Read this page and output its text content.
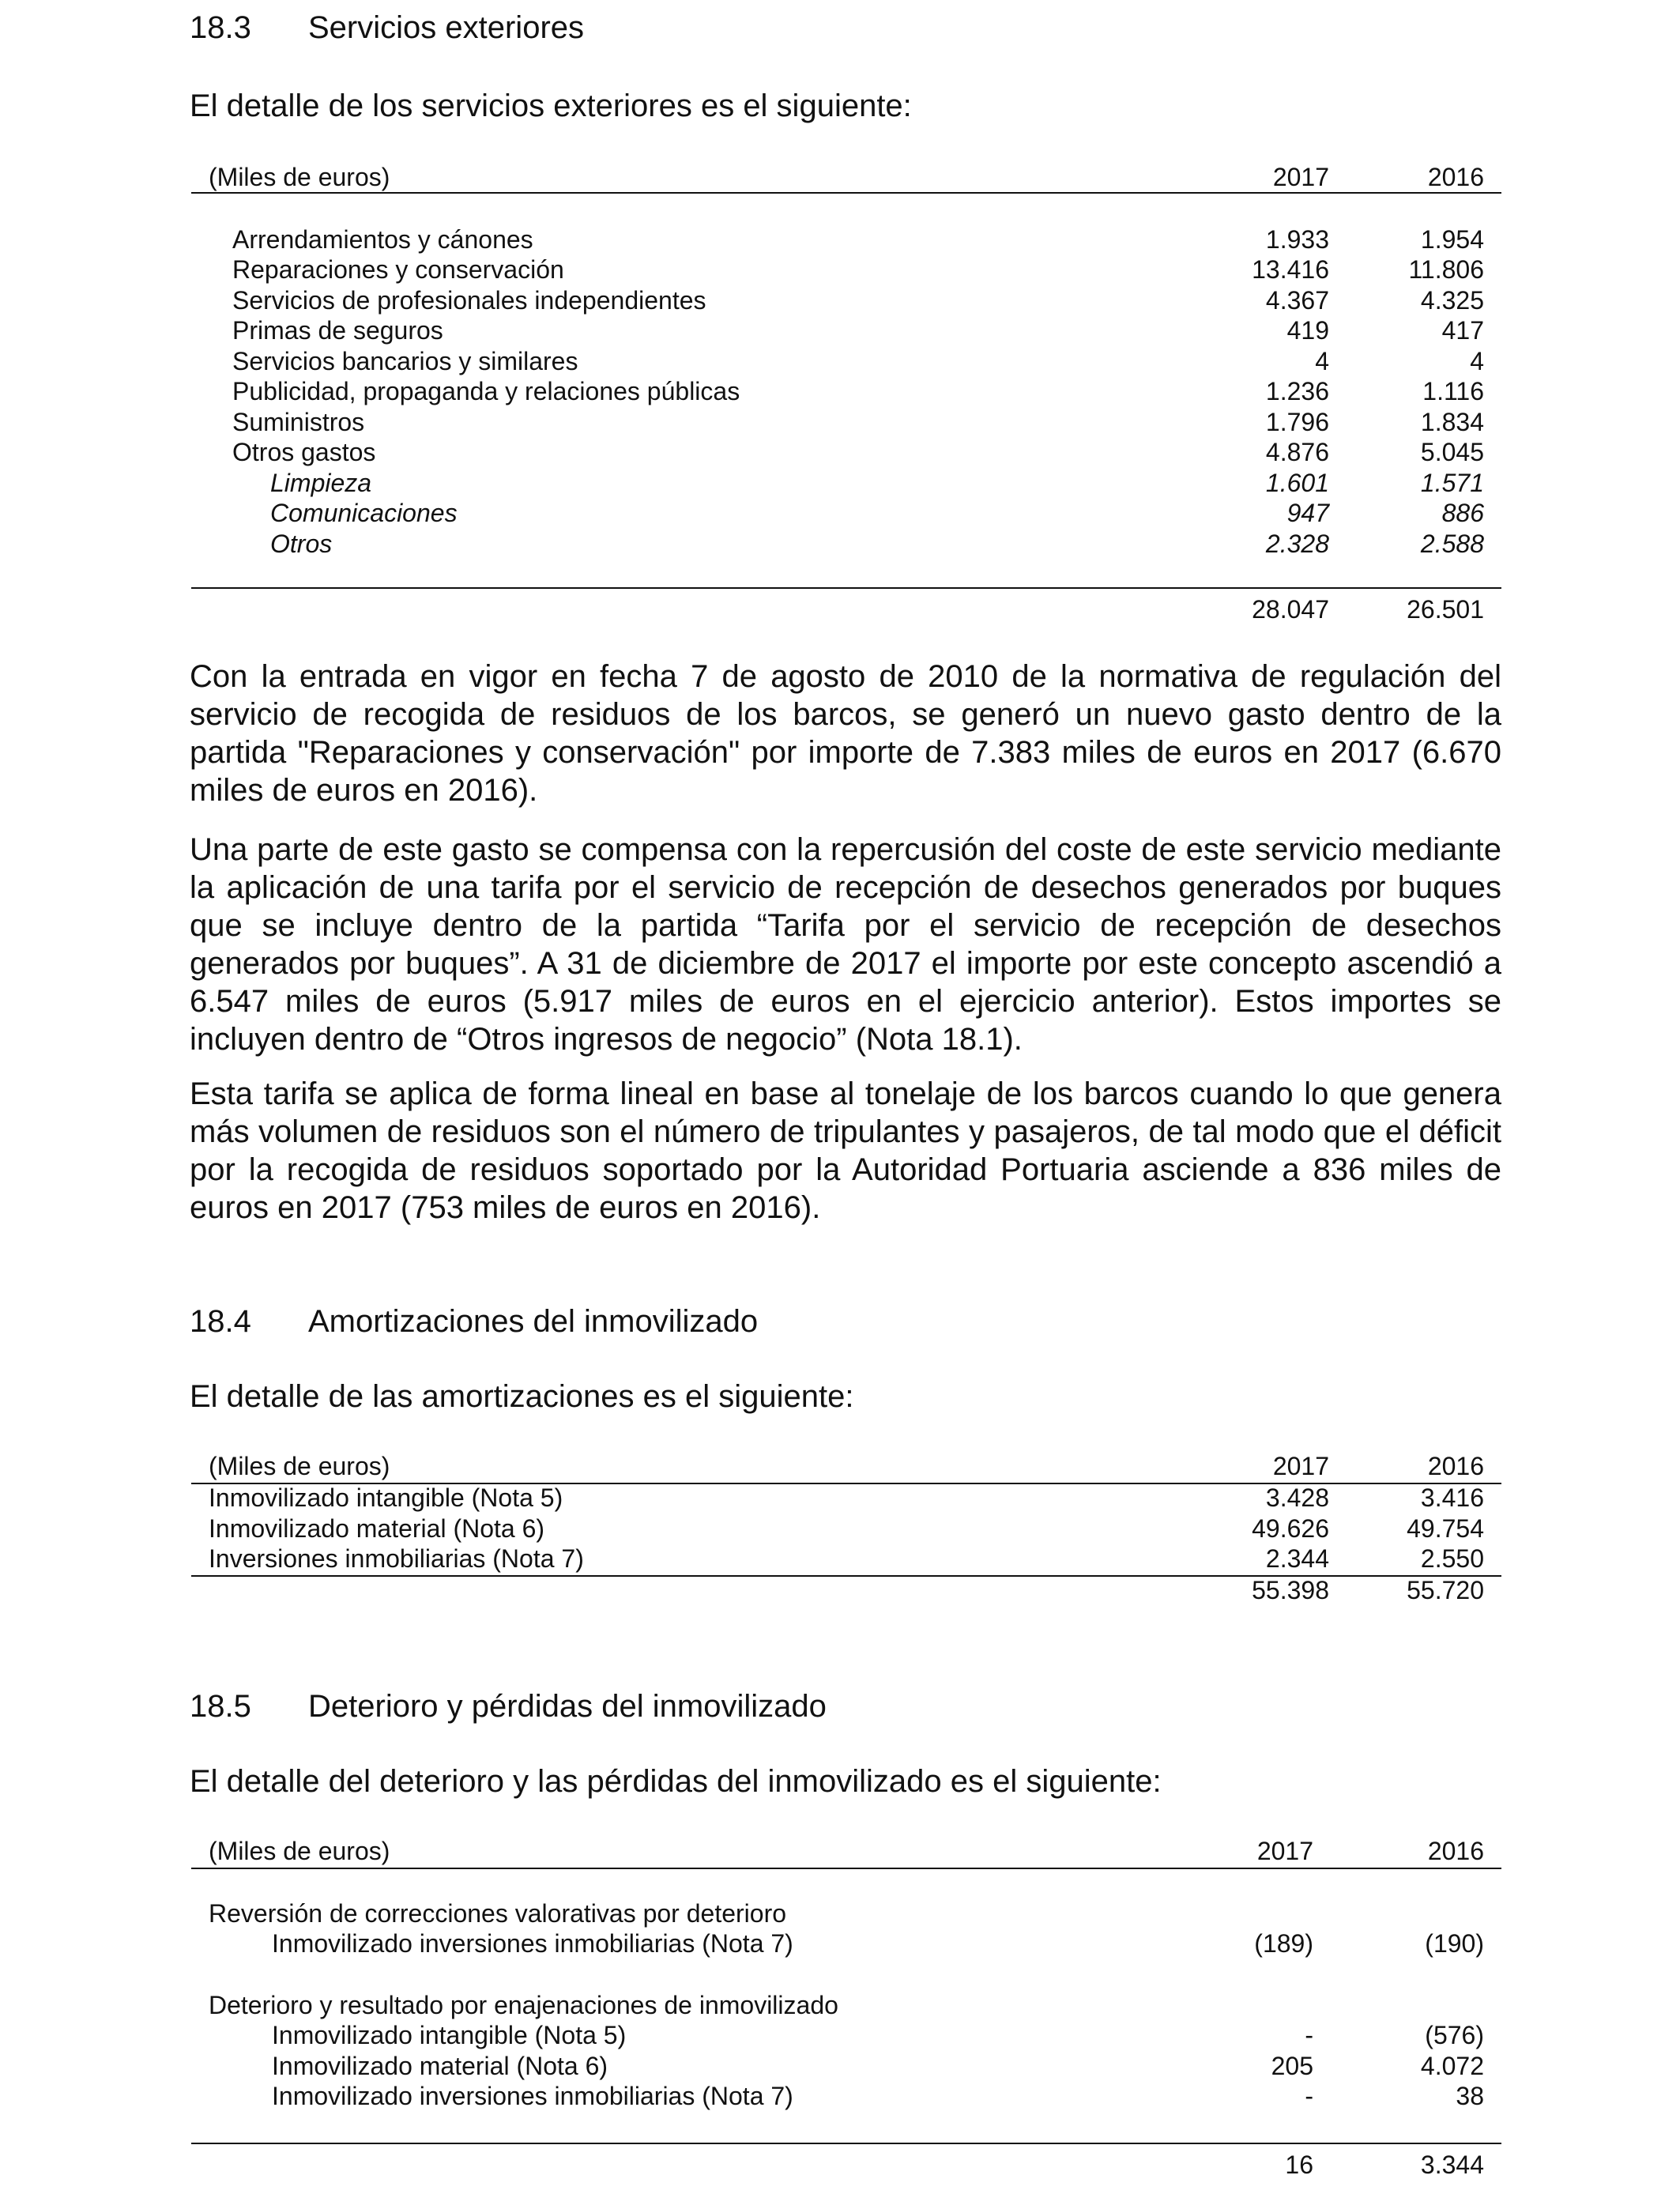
18.3 Servicios exteriores
El detalle de los servicios exteriores es el siguiente:
(Miles de euros)	2017	2016
Arrendamientos y cánones	1.933	1.954
Reparaciones y conservación	13.416	11.806
Servicios de profesionales independientes	4.367	4.325
Primas de seguros	419	417
Servicios bancarios y similares	4	4
Publicidad, propaganda y relaciones públicas	1.236	1.116
Suministros	1.796	1.834
Otros gastos	4.876	5.045
Limpieza	1.601	1.571
Comunicaciones	947	886
Otros	2.328	2.588
28.047	26.501

Con la entrada en vigor en fecha 7 de agosto de 2010 de la normativa de regulación del servicio de recogida de residuos de los barcos, se generó un nuevo gasto dentro de la partida "Reparaciones y conservación" por importe de 7.383 miles de euros en 2017 (6.670 miles de euros en 2016).

Una parte de este gasto se compensa con la repercusión del coste de este servicio mediante la aplicación de una tarifa por el servicio de recepción de desechos generados por buques que se incluye dentro de la partida “Tarifa por el servicio de recepción de desechos generados por buques”. A 31 de diciembre de 2017 el importe por este concepto ascendió a 6.547 miles de euros (5.917 miles de euros en el ejercicio anterior). Estos importes se incluyen dentro de “Otros ingresos de negocio” (Nota 18.1).

Esta tarifa se aplica de forma lineal en base al tonelaje de los barcos cuando lo que genera más volumen de residuos son el número de tripulantes y pasajeros, de tal modo que el déficit por la recogida de residuos soportado por la Autoridad Portuaria asciende a 836 miles de euros en 2017 (753 miles de euros en 2016).

18.4 Amortizaciones del inmovilizado
El detalle de las amortizaciones es el siguiente:
(Miles de euros)	2017	2016
Inmovilizado intangible (Nota 5)	3.428	3.416
Inmovilizado material (Nota 6)	49.626	49.754
Inversiones inmobiliarias (Nota 7)	2.344	2.550
55.398	55.720
18.5 Deterioro y pérdidas del inmovilizado
El detalle del deterioro y las pérdidas del inmovilizado es el siguiente:
(Miles de euros)	2017	2016
Reversión de correcciones valorativas por deterioro
Inmovilizado inversiones inmobiliarias (Nota 7)	(189)	(190)
Deterioro y resultado por enajenaciones de inmovilizado
Inmovilizado intangible (Nota 5)	-	(576)
Inmovilizado material (Nota 6)	205	4.072
Inmovilizado inversiones inmobiliarias (Nota 7)	-	38
16	3.344
